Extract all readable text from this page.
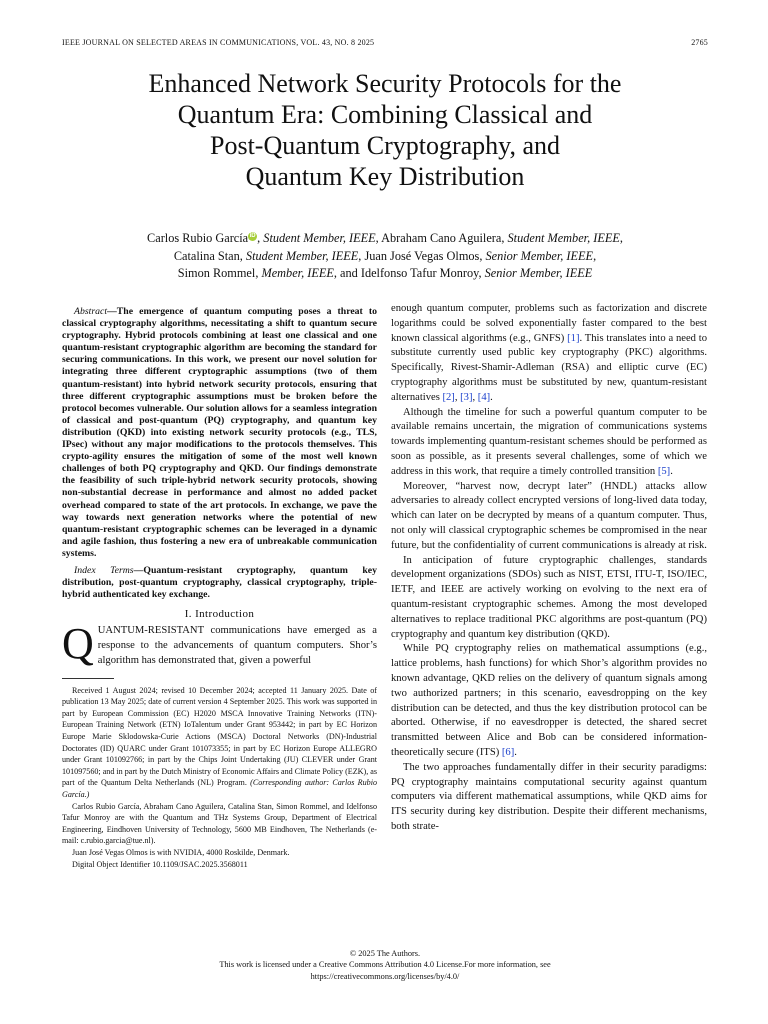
IEEE JOURNAL ON SELECTED AREAS IN COMMUNICATIONS, VOL. 43, NO. 8 2025	2765
Enhanced Network Security Protocols for the
Quantum Era: Combining Classical and
Post-Quantum Cryptography, and
Quantum Key Distribution
Carlos Rubio García iD , Student Member, IEEE, Abraham Cano Aguilera, Student Member, IEEE,
Catalina Stan, Student Member, IEEE, Juan José Vegas Olmos, Senior Member, IEEE,
Simon Rommel, Member, IEEE, and Idelfonso Tafur Monroy, Senior Member, IEEE

Abstract—The emergence of quantum computing poses a threat to classical cryptography algorithms, necessitating a shift to quantum secure cryptography. Hybrid protocols combining at least one classical and one quantum-resistant cryptographic algorithm are becoming the standard for securing communications. In this work, we present our novel solution for integrating three different cryptographic assumptions (two of them quantum-resistant) into hybrid network security protocols, ensuring that three different cryptographic assumptions must be broken before the protocol becomes vulnerable. Our solution allows for a seamless integration of classical and post-quantum (PQ) cryptography, and quantum key distribution (QKD) into existing network security protocols (e.g., TLS, IPsec) without any major modifications to the protocols themselves. This crypto-agility ensures the mitigation of some of the most well known challenges of both PQ cryptography and QKD. Our findings demonstrate the feasibility of such triple-hybrid network security protocols, showing non-substantial decrease in performance and almost no added packet overhead compared to state of the art protocols. In exchange, we pave the way towards next generation networks where the potential of new quantum-resistant cryptographic schemes can be leveraged in a dynamic and agile fashion, thus fostering a new era of unbreakable communication systems.

Index Terms—Quantum-resistant cryptography, quantum key distribution, post-quantum cryptography, classical cryptography, triple-hybrid authenticated key exchange.

I. Introduction

QUANTUM-RESISTANT communications have emerged as a response to the advancements of quantum computers. Shor’s algorithm has demonstrated that, given a powerful

Received 1 August 2024; revised 10 December 2024; accepted 11 January 2025. Date of publication 13 May 2025; date of current version 4 September 2025. This work was supported in part by European Commission (EC) H2020 MSCA Innovative Training Networks (ITN)-European Training Network (ETN) IoTalentum under Grant 953442; in part by EC Horizon Europe Marie Sklodowska-Curie Actions (MSCA) Doctoral Networks (DN)-Industrial Doctorates (ID) QUARC under Grant 101073355; in part by EC Horizon Europe ALLEGRO under Grant 101092766; in part by the Chips Joint Undertaking (JU) CLEVER under Grant 101097560; and in part by the Dutch Ministry of Economic Affairs and Climate Policy (EZK), as part of the Quantum Delta Netherlands (NL) Program. (Corresponding author: Carlos Rubio García.)

Carlos Rubio García, Abraham Cano Aguilera, Catalina Stan, Simon Rommel, and Idelfonso Tafur Monroy are with the Quantum and THz Systems Group, Department of Electrical Engineering, Eindhoven University of Technology, 5600 MB Eindhoven, The Netherlands (e-mail: c.rubio.garcia@tue.nl).

Juan José Vegas Olmos is with NVIDIA, 4000 Roskilde, Denmark.

Digital Object Identifier 10.1109/JSAC.2025.3568011

enough quantum computer, problems such as factorization and discrete logarithms could be solved exponentially faster compared to the best known classical algorithms (e.g., GNFS) [1]. This translates into a need to substitute currently used public key cryptography (PKC) algorithms. Specifically, Rivest-Shamir-Adleman (RSA) and elliptic curve (EC) cryptography algorithms must be substituted by new, quantum-resistant alternatives [2], [3], [4].

Although the timeline for such a powerful quantum computer to be available remains uncertain, the migration of communications systems towards implementing quantum-resistant schemes should be performed as soon as possible, as it presents several challenges, some of which we address in this work, that require a timely controlled transition [5].

Moreover, “harvest now, decrypt later” (HNDL) attacks allow adversaries to already collect encrypted versions of long-lived data today, which can later on be decrypted by means of a quantum computer. Thus, not only will classical cryptographic schemes be compromised in the near future, but the confidentiality of current communications is already at risk.

In anticipation of future cryptographic challenges, standards development organizations (SDOs) such as NIST, ETSI, ITU-T, ISO/IEC, IETF, and IEEE are actively working on evolving to the next era of quantum-resistant cryptographic schemes. Among the most developed alternatives to replace traditional PKC algorithms are post-quantum (PQ) cryptography and quantum key distribution (QKD).

While PQ cryptography relies on mathematical assumptions (e.g., lattice problems, hash functions) for which Shor’s algorithm provides no known advantage, QKD relies on the delivery of quantum signals among two authorized partners; in this scenario, eavesdropping on the key distribution can be detected, and thus the key distribution protocol can be aborted. Otherwise, if no eavesdropper is detected, the shared secret transmitted between Alice and Bob can be considered information-theoretically secure (ITS) [6].

The two approaches fundamentally differ in their security paradigms: PQ cryptography maintains computational security against quantum computers via different mathematical assumptions, while QKD aims for ITS security during key distribution. Despite their different mechanisms, both strate-

© 2025 The Authors.
This work is licensed under a Creative Commons Attribution 4.0 License.For more information, see
https://creativecommons.org/licenses/by/4.0/
